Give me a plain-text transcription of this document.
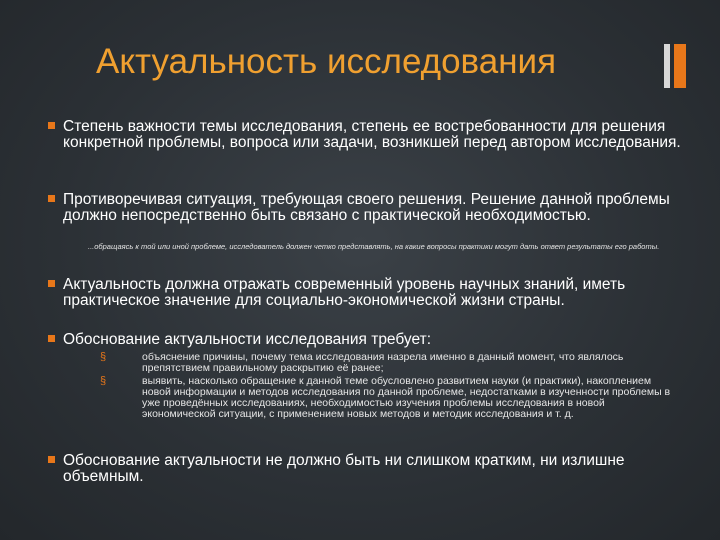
Актуальность исследования
Степень важности темы исследования, степень ее востребованности для решения конкретной проблемы, вопроса или задачи, возникшей перед автором исследования.
Противоречивая ситуация, требующая своего решения. Решение данной проблемы должно непосредственно быть связано с практической необходимостью.
...обращаясь к той или иной проблеме, исследователь должен четко представлять, на какие вопросы практики могут дать ответ результаты его работы.
Актуальность должна отражать современный уровень научных знаний, иметь практическое значение для социально-экономической жизни страны.
Обоснование актуальности исследования требует:
§	объяснение причины, почему тема исследования назрела именно в данный момент, что являлось препятствием правильному раскрытию её ранее;
§	выявить, насколько обращение к данной теме обусловлено развитием науки (и практики), накоплением новой информации и методов исследования по данной проблеме, недостатками в изученности проблемы в уже проведённых исследованиях, необходимостью изучения проблемы исследования в новой экономической ситуации, с применением новых методов и методик исследования и т. д.
Обоснование актуальности не должно быть ни слишком кратким, ни излишне объемным.
